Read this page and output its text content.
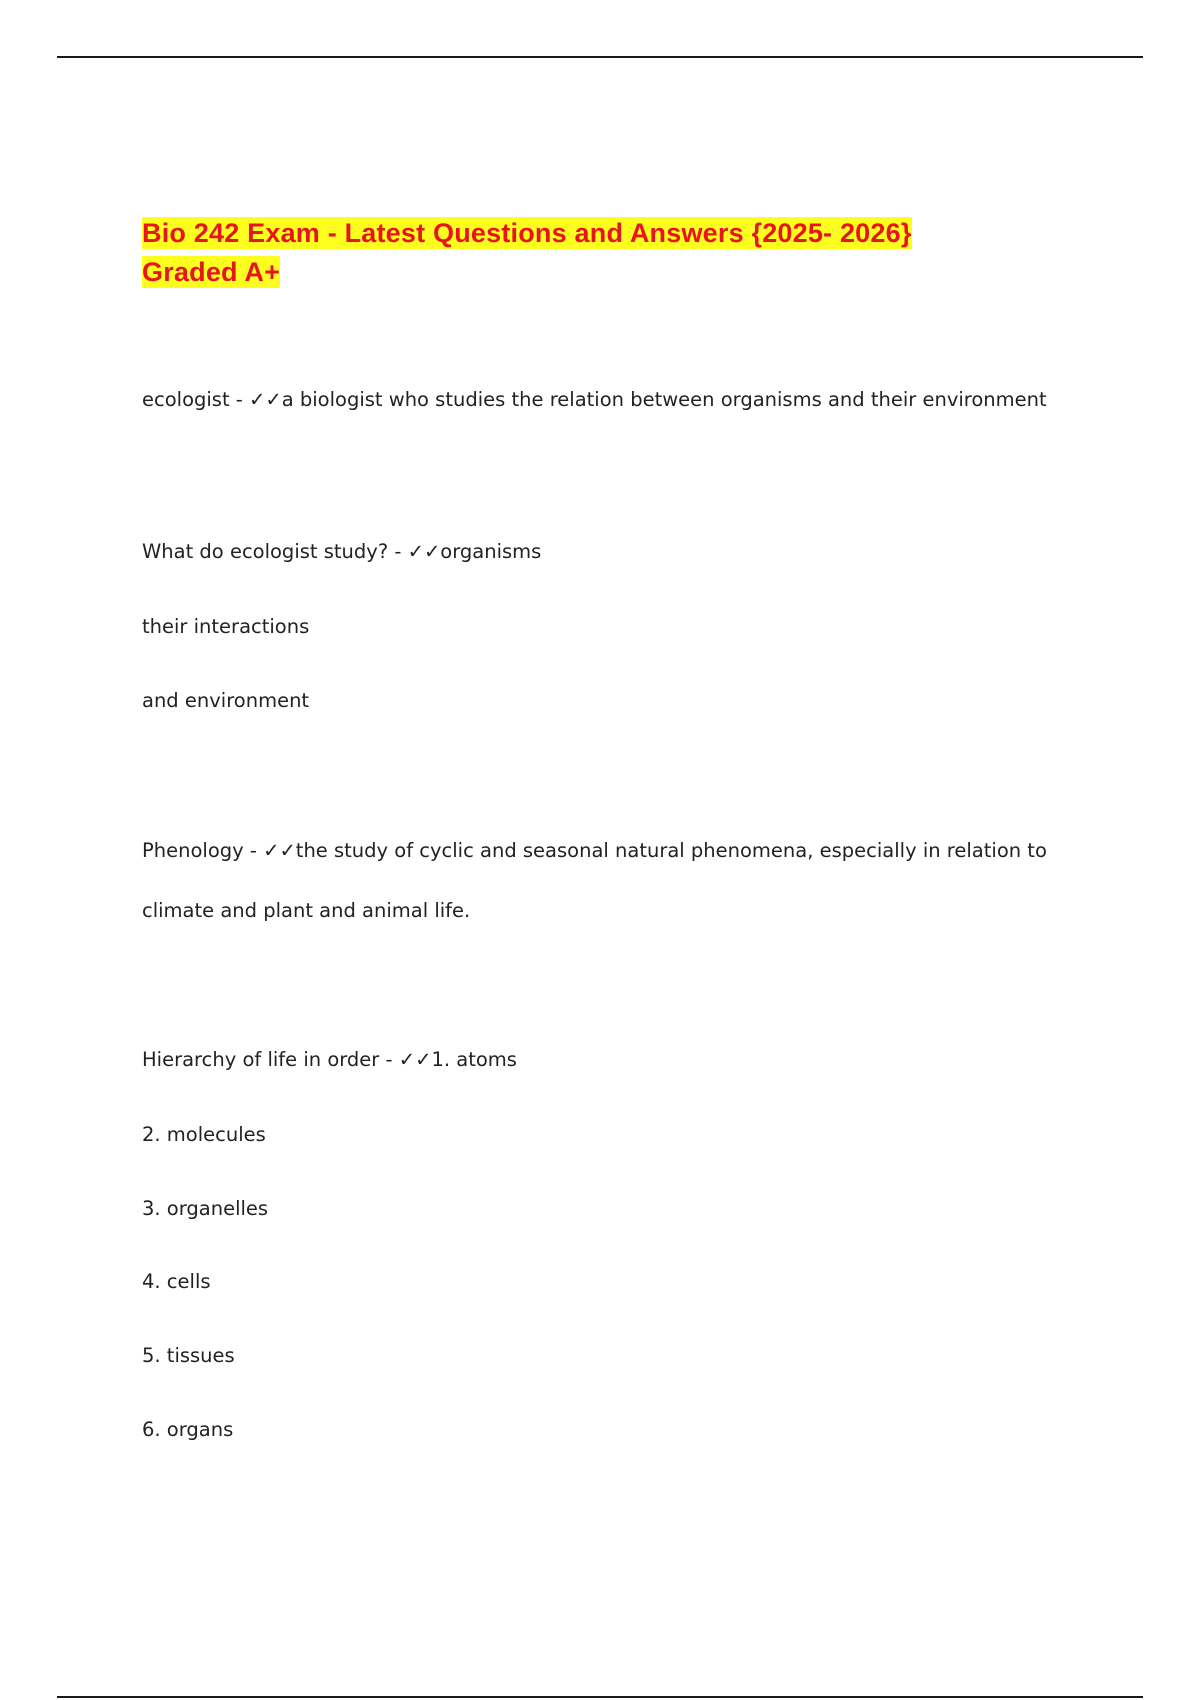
Bio 242 Exam - Latest Questions and Answers {2025- 2026}
Graded A+

ecologist - ✓✓a biologist who studies the relation between organisms and their environment

What do ecologist study? - ✓✓organisms

their interactions

and environment

Phenology - ✓✓the study of cyclic and seasonal natural phenomena, especially in relation to

climate and plant and animal life.

Hierarchy of life in order - ✓✓1. atoms

2. molecules

3. organelles

4. cells

5. tissues

6. organs
